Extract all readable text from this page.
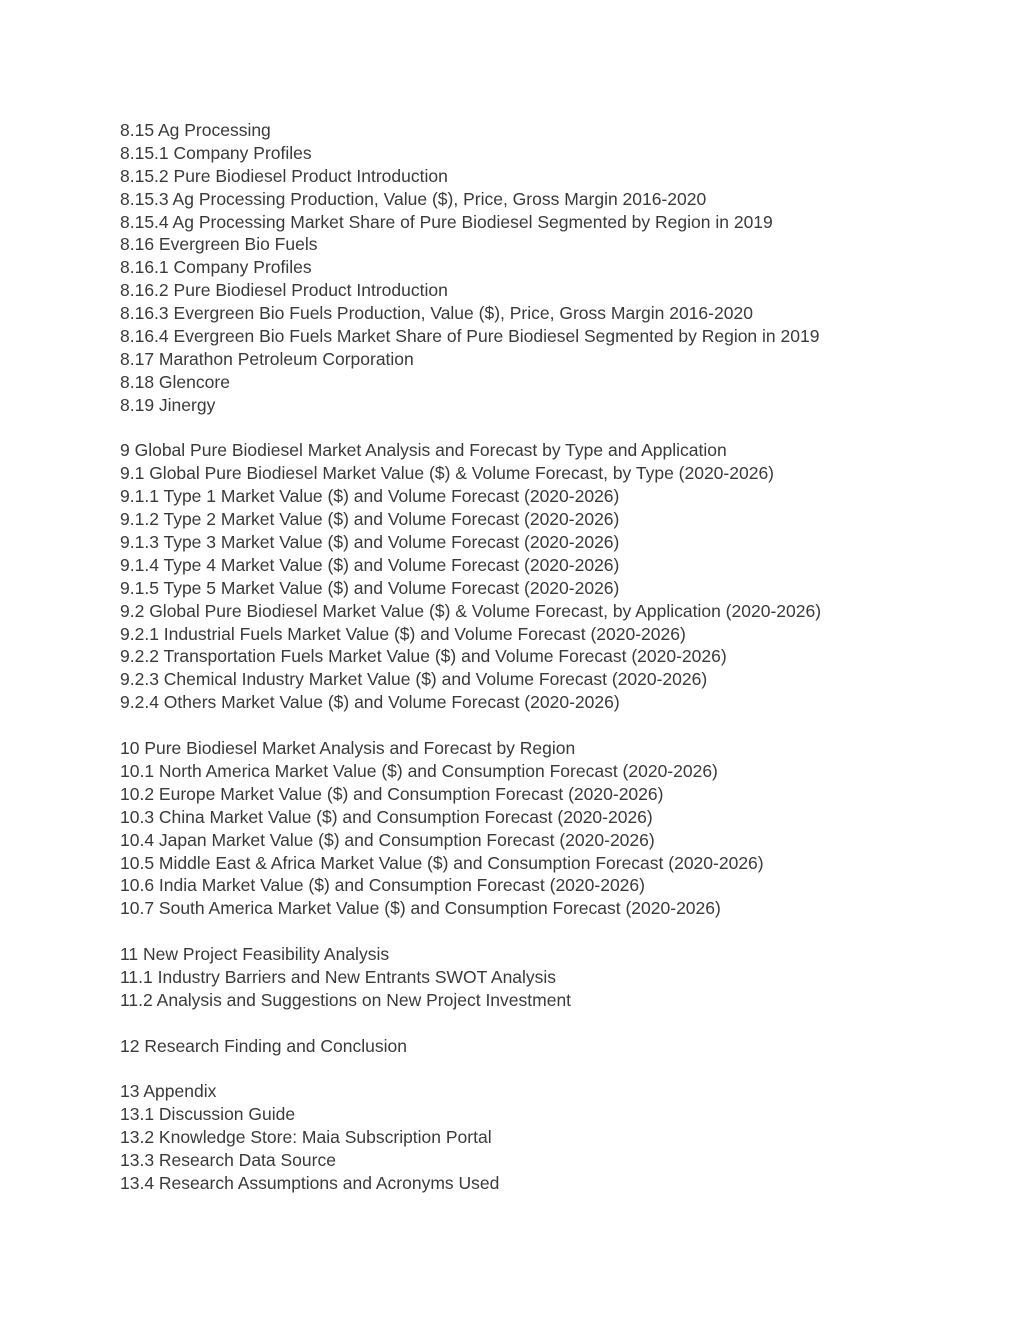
8.15 Ag Processing
8.15.1 Company Profiles
8.15.2 Pure Biodiesel Product Introduction
8.15.3 Ag Processing Production, Value ($), Price, Gross Margin 2016-2020
8.15.4 Ag Processing Market Share of Pure Biodiesel Segmented by Region in 2019
8.16 Evergreen Bio Fuels
8.16.1 Company Profiles
8.16.2 Pure Biodiesel Product Introduction
8.16.3 Evergreen Bio Fuels Production, Value ($), Price, Gross Margin 2016-2020
8.16.4 Evergreen Bio Fuels Market Share of Pure Biodiesel Segmented by Region in 2019
8.17 Marathon Petroleum Corporation
8.18 Glencore
8.19 Jinergy
9 Global Pure Biodiesel Market Analysis and Forecast by Type and Application
9.1 Global Pure Biodiesel Market Value ($) & Volume Forecast, by Type (2020-2026)
9.1.1 Type 1 Market Value ($) and Volume Forecast (2020-2026)
9.1.2 Type 2 Market Value ($) and Volume Forecast (2020-2026)
9.1.3 Type 3 Market Value ($) and Volume Forecast (2020-2026)
9.1.4 Type 4 Market Value ($) and Volume Forecast (2020-2026)
9.1.5 Type 5 Market Value ($) and Volume Forecast (2020-2026)
9.2 Global Pure Biodiesel Market Value ($) & Volume Forecast, by Application (2020-2026)
9.2.1 Industrial Fuels Market Value ($) and Volume Forecast (2020-2026)
9.2.2 Transportation Fuels Market Value ($) and Volume Forecast (2020-2026)
9.2.3 Chemical Industry Market Value ($) and Volume Forecast (2020-2026)
9.2.4 Others Market Value ($) and Volume Forecast (2020-2026)
10 Pure Biodiesel Market Analysis and Forecast by Region
10.1 North America Market Value ($) and Consumption Forecast (2020-2026)
10.2 Europe Market Value ($) and Consumption Forecast (2020-2026)
10.3 China Market Value ($) and Consumption Forecast (2020-2026)
10.4 Japan Market Value ($) and Consumption Forecast (2020-2026)
10.5 Middle East & Africa Market Value ($) and Consumption Forecast (2020-2026)
10.6 India Market Value ($) and Consumption Forecast (2020-2026)
10.7 South America Market Value ($) and Consumption Forecast (2020-2026)
11 New Project Feasibility Analysis
11.1 Industry Barriers and New Entrants SWOT Analysis
11.2 Analysis and Suggestions on New Project Investment
12 Research Finding and Conclusion
13 Appendix
13.1 Discussion Guide
13.2 Knowledge Store: Maia Subscription Portal
13.3 Research Data Source
13.4 Research Assumptions and Acronyms Used
